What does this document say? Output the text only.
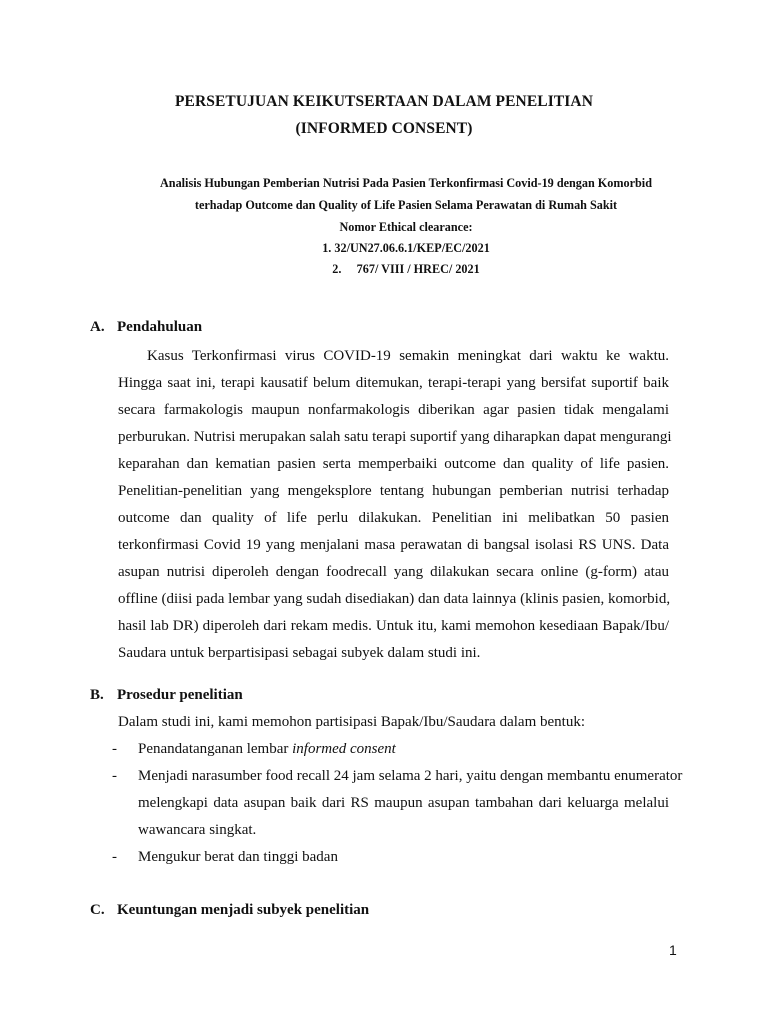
PERSETUJUAN KEIKUTSERTAAN DALAM PENELITIAN
(INFORMED CONSENT)
Analisis Hubungan Pemberian Nutrisi Pada Pasien Terkonfirmasi Covid-19 dengan Komorbid
terhadap Outcome dan Quality of Life Pasien Selama Perawatan di Rumah Sakit
Nomor Ethical clearance:
1. 32/UN27.06.6.1/KEP/EC/2021
2.     767/ VIII / HREC/ 2021
A. Pendahuluan
Kasus Terkonfirmasi virus COVID-19 semakin meningkat dari waktu ke waktu.
Hingga saat ini, terapi kausatif belum ditemukan, terapi-terapi yang bersifat suportif baik
secara farmakologis maupun nonfarmakologis diberikan agar pasien tidak mengalami
perburukan. Nutrisi merupakan salah satu terapi suportif yang diharapkan dapat mengurangi
keparahan dan kematian pasien serta memperbaiki outcome dan quality of life pasien.
Penelitian-penelitian yang mengeksplore tentang hubungan pemberian nutrisi terhadap
outcome dan quality of life perlu dilakukan. Penelitian ini melibatkan 50 pasien
terkonfirmasi Covid 19 yang menjalani masa perawatan di bangsal isolasi RS UNS. Data
asupan nutrisi diperoleh dengan foodrecall yang dilakukan secara online (g-form) atau
offline (diisi pada lembar yang sudah disediakan) dan data lainnya (klinis pasien, komorbid,
hasil lab DR) diperoleh dari rekam medis. Untuk itu, kami memohon kesediaan Bapak/Ibu/
Saudara untuk berpartisipasi sebagai subyek dalam studi ini.
B. Prosedur penelitian
Dalam studi ini, kami memohon partisipasi Bapak/Ibu/Saudara dalam bentuk:
- Penandatanganan lembar informed consent
- Menjadi narasumber food recall 24 jam selama 2 hari, yaitu dengan membantu enumerator
melengkapi data asupan baik dari RS maupun asupan tambahan dari keluarga melalui
wawancara singkat.
- Mengukur berat dan tinggi badan
C. Keuntungan menjadi subyek penelitian
1
